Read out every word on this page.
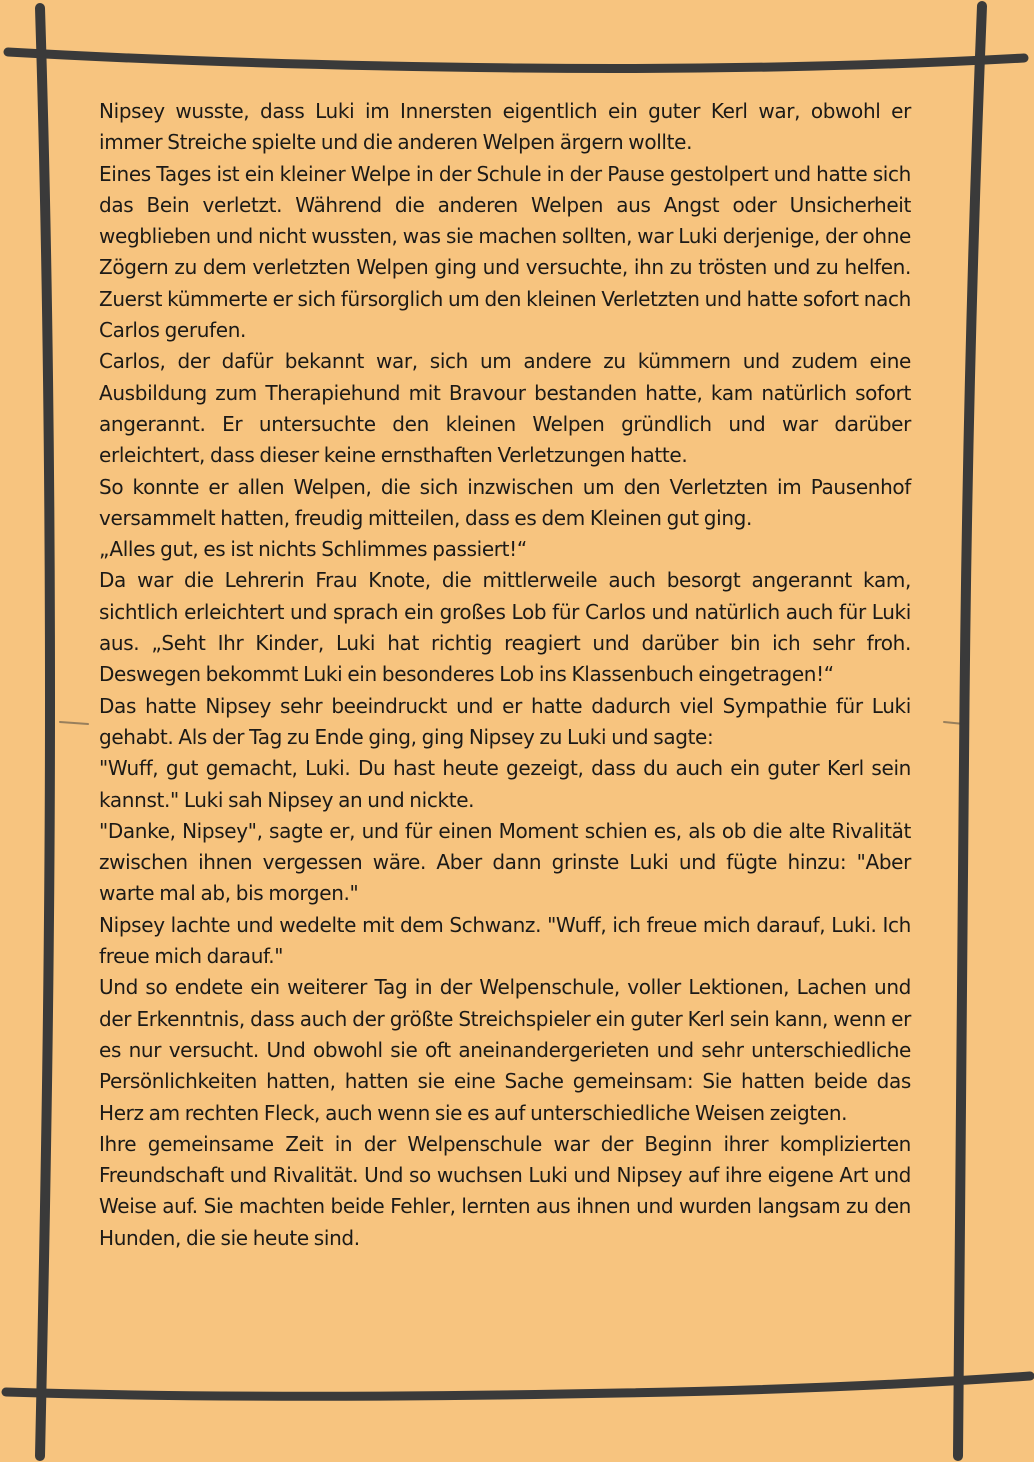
Nipsey wusste, dass Luki im Innersten eigentlich ein guter Kerl war, obwohl er immer Streiche spielte und die anderen Welpen ärgern wollte.

Eines Tages ist ein kleiner Welpe in der Schule in der Pause gestolpert und hatte sich das Bein verletzt. Während die anderen Welpen aus Angst oder Unsicherheit wegblieben und nicht wussten, was sie machen sollten, war Luki derjenige, der ohne Zögern zu dem verletzten Welpen ging und versuchte, ihn zu trösten und zu helfen. Zuerst kümmerte er sich fürsorglich um den kleinen Verletzten und hatte sofort nach Carlos gerufen.

Carlos, der dafür bekannt war, sich um andere zu kümmern und zudem eine Ausbildung zum Therapiehund mit Bravour bestanden hatte, kam natürlich sofort angerannt. Er untersuchte den kleinen Welpen gründlich und war darüber erleichtert, dass dieser keine ernsthaften Verletzungen hatte.

So konnte er allen Welpen, die sich inzwischen um den Verletzten im Pausenhof versammelt hatten, freudig mitteilen, dass es dem Kleinen gut ging.

„Alles gut, es ist nichts Schlimmes passiert!“

Da war die Lehrerin Frau Knote, die mittlerweile auch besorgt angerannt kam, sichtlich erleichtert und sprach ein großes Lob für Carlos und natürlich auch für Luki aus. „Seht Ihr Kinder, Luki hat richtig reagiert und darüber bin ich sehr froh. Deswegen bekommt Luki ein besonderes Lob ins Klassenbuch eingetragen!“

Das hatte Nipsey sehr beeindruckt und er hatte dadurch viel Sympathie für Luki gehabt. Als der Tag zu Ende ging, ging Nipsey zu Luki und sagte:

"Wuff, gut gemacht, Luki. Du hast heute gezeigt, dass du auch ein guter Kerl sein kannst." Luki sah Nipsey an und nickte.

"Danke, Nipsey", sagte er, und für einen Moment schien es, als ob die alte Rivalität zwischen ihnen vergessen wäre. Aber dann grinste Luki und fügte hinzu: "Aber warte mal ab, bis morgen."

Nipsey lachte und wedelte mit dem Schwanz. "Wuff, ich freue mich darauf, Luki. Ich freue mich darauf."

Und so endete ein weiterer Tag in der Welpenschule, voller Lektionen, Lachen und der Erkenntnis, dass auch der größte Streichspieler ein guter Kerl sein kann, wenn er es nur versucht. Und obwohl sie oft aneinandergerieten und sehr unterschiedliche Persönlichkeiten hatten, hatten sie eine Sache gemeinsam: Sie hatten beide das Herz am rechten Fleck, auch wenn sie es auf unterschiedliche Weisen zeigten.

Ihre gemeinsame Zeit in der Welpenschule war der Beginn ihrer komplizierten Freundschaft und Rivalität. Und so wuchsen Luki und Nipsey auf ihre eigene Art und Weise auf. Sie machten beide Fehler, lernten aus ihnen und wurden langsam zu den Hunden, die sie heute sind.
